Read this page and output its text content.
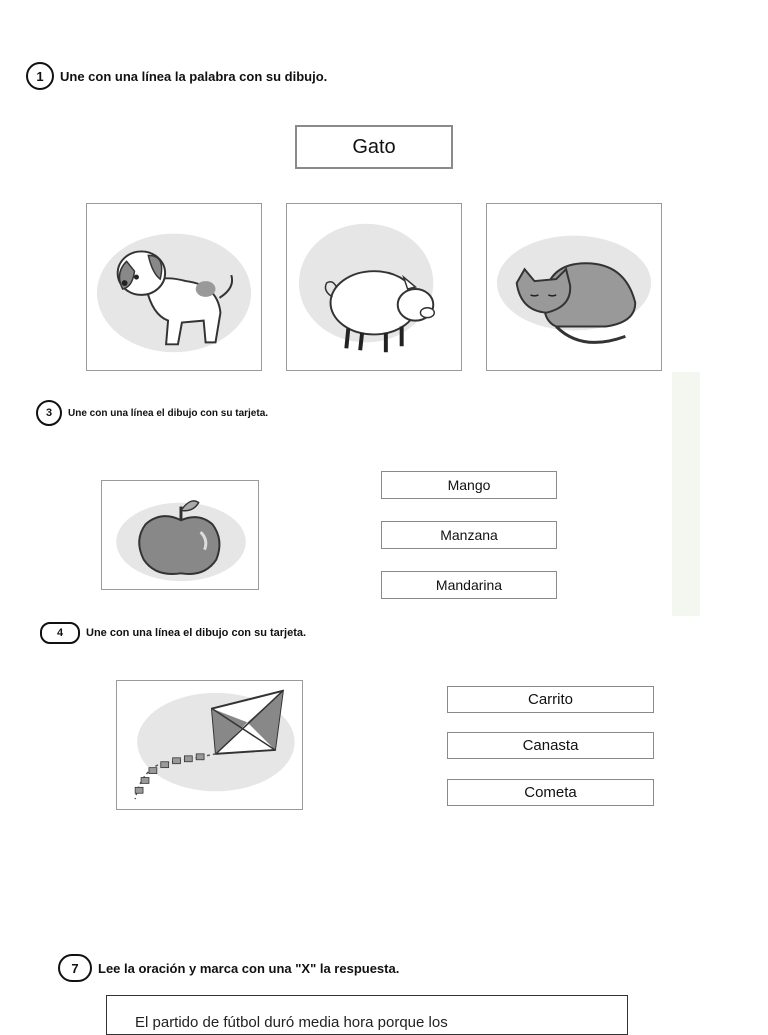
1	Une con una línea la palabra con su dibujo.
Gato
3	Une con una línea el dibujo con su tarjeta.
Mango
Manzana
Mandarina
4	Une con una línea el dibujo con su tarjeta.
Carrito
Canasta
Cometa
7	Lee la oración y marca con una "X" la respuesta.
El partido de fútbol duró media hora porque los
